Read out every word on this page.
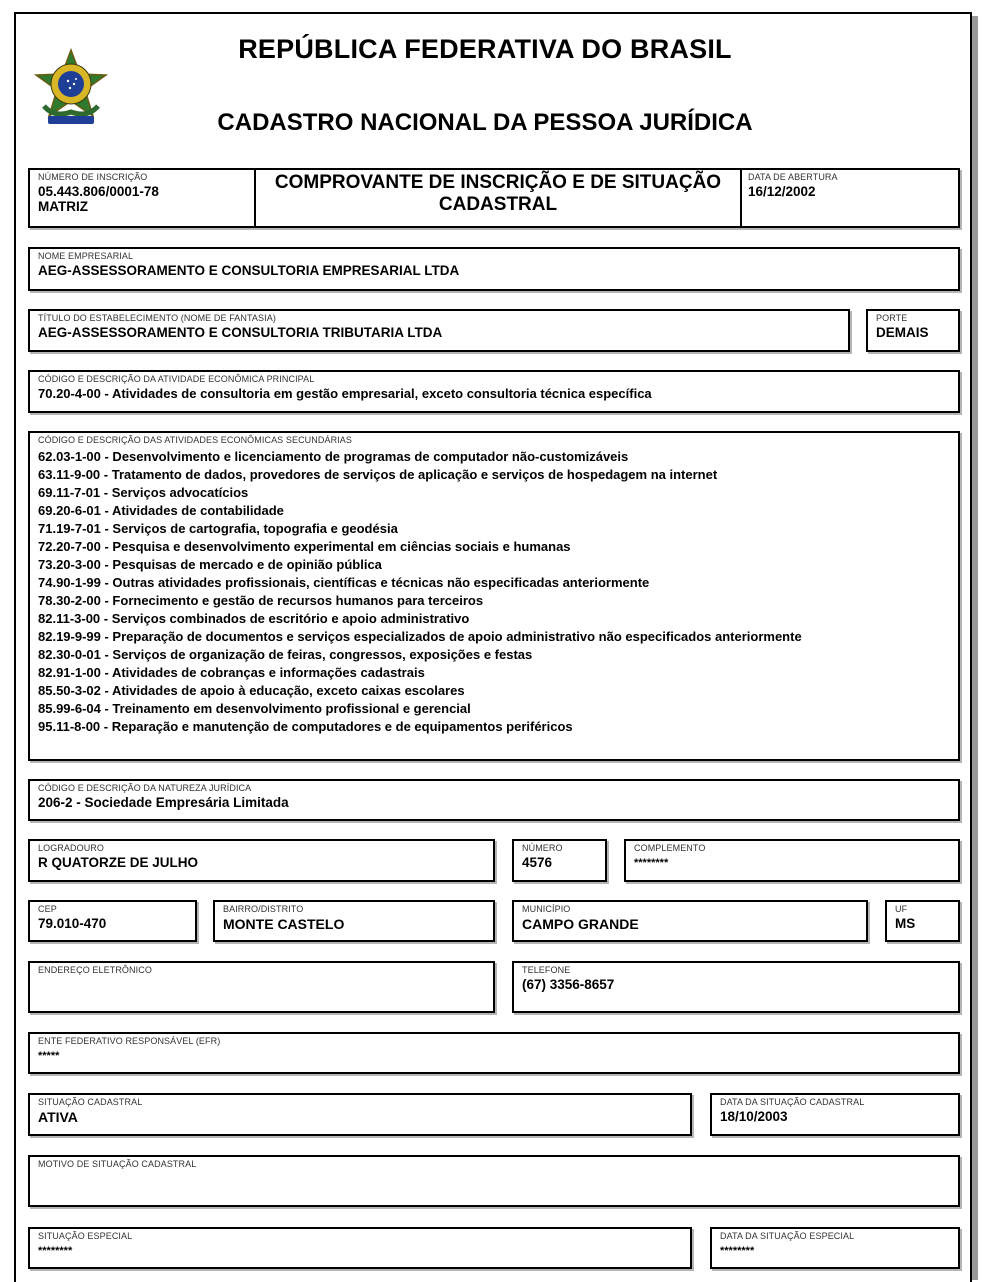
REPÚBLICA FEDERATIVA DO BRASIL
CADASTRO NACIONAL DA PESSOA JURÍDICA
NÚMERO DE INSCRIÇÃO
05.443.806/0001-78
MATRIZ
COMPROVANTE DE INSCRIÇÃO E DE SITUAÇÃO
CADASTRAL
DATA DE ABERTURA
16/12/2002
NOME EMPRESARIAL
AEG-ASSESSORAMENTO E CONSULTORIA EMPRESARIAL LTDA
TÍTULO DO ESTABELECIMENTO (NOME DE FANTASIA)
AEG-ASSESSORAMENTO E CONSULTORIA TRIBUTARIA LTDA
PORTE
DEMAIS
CÓDIGO E DESCRIÇÃO DA ATIVIDADE ECONÔMICA PRINCIPAL
70.20-4-00 - Atividades de consultoria em gestão empresarial, exceto consultoria técnica específica
CÓDIGO E DESCRIÇÃO DAS ATIVIDADES ECONÔMICAS SECUNDÁRIAS
62.03-1-00 - Desenvolvimento e licenciamento de programas de computador não-customizáveis
63.11-9-00 - Tratamento de dados, provedores de serviços de aplicação e serviços de hospedagem na internet
69.11-7-01 - Serviços advocatícios
69.20-6-01 - Atividades de contabilidade
71.19-7-01 - Serviços de cartografia, topografia e geodésia
72.20-7-00 - Pesquisa e desenvolvimento experimental em ciências sociais e humanas
73.20-3-00 - Pesquisas de mercado e de opinião pública
74.90-1-99 - Outras atividades profissionais, científicas e técnicas não especificadas anteriormente
78.30-2-00 - Fornecimento e gestão de recursos humanos para terceiros
82.11-3-00 - Serviços combinados de escritório e apoio administrativo
82.19-9-99 - Preparação de documentos e serviços especializados de apoio administrativo não especificados anteriormente
82.30-0-01 - Serviços de organização de feiras, congressos, exposições e festas
82.91-1-00 - Atividades de cobranças e informações cadastrais
85.50-3-02 - Atividades de apoio à educação, exceto caixas escolares
85.99-6-04 - Treinamento em desenvolvimento profissional e gerencial
95.11-8-00 - Reparação e manutenção de computadores e de equipamentos periféricos
CÓDIGO E DESCRIÇÃO DA NATUREZA JURÍDICA
206-2 - Sociedade Empresária Limitada
LOGRADOURO
R QUATORZE DE JULHO
NÚMERO
4576
COMPLEMENTO
********
CEP
79.010-470
BAIRRO/DISTRITO
MONTE CASTELO
MUNICÍPIO
CAMPO GRANDE
UF
MS
ENDEREÇO ELETRÔNICO	TELEFONE
(67) 3356-8657
ENTE FEDERATIVO RESPONSÁVEL (EFR)
*****
SITUAÇÃO CADASTRAL
ATIVA
DATA DA SITUAÇÃO CADASTRAL
18/10/2003
MOTIVO DE SITUAÇÃO CADASTRAL
SITUAÇÃO ESPECIAL
********
DATA DA SITUAÇÃO ESPECIAL
********
